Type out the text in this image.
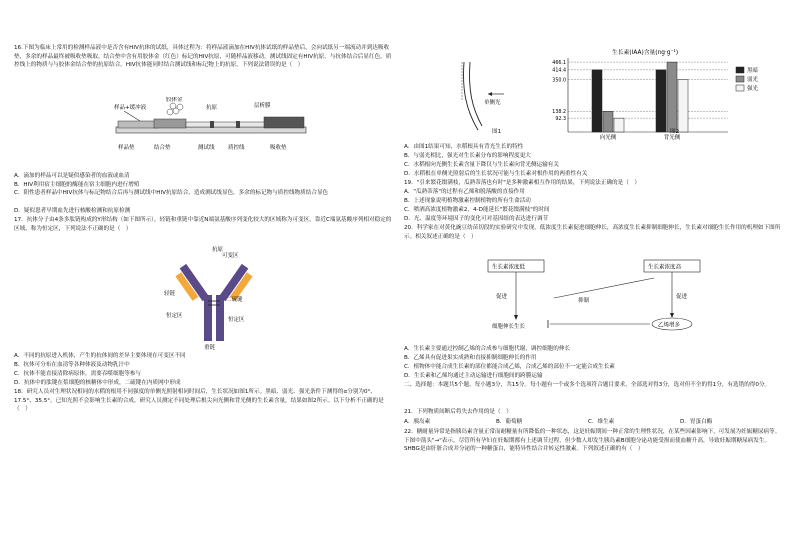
16.下图为临床上常用的检测样品液中是否含有HIV抗体的试纸，具体过程为：将样品液滴加在HIV抗体试纸的样品垫后，会向试纸另一端流动并到达吸收垫，多余的样品最终被吸收垫吸取。结合垫中含有用胶体金（红色）标记的HIV抗原，可随样品液移动。测试线固定有HIV抗原，与抗体结合后显红色，质控线上的物质与与胶体金结合垫的抗原结合。HIV抗体能同时结合测试线和标记物上的抗原。下列说法错误的是（　）
样品+缓冲液
胶体金
抗原	层析膜
样品垫	结合垫	测试线 质控线	吸收垫
A．滴加的样品可以是疑似感染者的血液或血清
B．HIV利用宿主细胞的酶能在宿主细胞内进行增殖
C．阳性患者样品中HIV抗体与标记物结合后再与测试线中HIV抗原结合，造成测试线显色，多余的标记物与质控线物质结合显色
D．疑似患者早期血先进行核酸检测和抗原检测
17．抗体分子由4条多肽链构成的Y形结构（如下图所示），轻链和重链中靠近N端氨基酸序列变化较大的区域称为可变区，靠近C端氨基酸序列相对稳定的区域，称为恒定区，下列说法不正确的是（　）
抗原
可变区
轻链
二硫键
恒定区
恒定区
重链
A．不同的抗原进入机体，产生的抗体间的差异主要体现在可变区不同
B．抗体可分布在血清等各种体液及动物乳汁中
C．抗体不能直接清除病原体，需要吞噬细胞等参与
D．抗体中的肽键在浆细胞的核糖体中形成，二硫键在内质网中形成
18．研究人员对生理状况相同的水稻的根用不同强度的单侧光照射相同时间后，生长状况如图1所示。黑暗、弱光、强光条件下测得的α分别为0°、17.5°、35.5°。已知光照不会影响生长素的合成，研究人员测定不同处理后根尖向光侧和背光侧的生长素含量，结果如图2所示。以下分析不正确的是（　）
单侧光
图1
生长素(IAA)含量(ng·g⁻¹)
92.3
138.2
350.0
414.4
466.1
向光侧	背光侧
黑暗
弱光
强光
图2
A．由图1结果可知，水稻根具有背光生长的特性
B．与弱光相比，强光对生长素分布的影响程度更大
C．水稻根向光侧生长素含量下降仅与生长素向背光侧运输有关
D．水稻根在单侧光照射后的生长状况可能与生长素对根作用的两重性有关
19．"引来繁花缀满枝，瓜熟蒂落也有时"是多种激素相互作用的结果，下列说法正确的是（　）
A．"瓜熟蒂落"的过程有乙烯和脱落酸的直接作用
B．上述现象说明植物激素控制植物的所有生命活动
C．喷洒高浓度植物激素2，4-D能延长"繁花缀满枝"的时间
D．光、温度等环境因子的变化可对基因组的表达进行调节
20．科学家在对黄化豌豆幼苗切段的实验研究中发现，低浓度生长素促进细胞伸长，高浓度生长素抑制细胞伸长，生长素对细胞生长作用的机理如下图所示。相关叙述正确的是（　）
生长素浓度低	生长素浓度高
促进
抑制
促进
细胞伸长生长	乙烯增多
A．生长素主要通过控制乙烯的合成参与细胞代谢，调控细胞的伸长
B．乙烯具有促进果实成熟和直接抑制细胞伸长的作用
C．植物体中能合成生长素的部位都能合成乙烯，合成乙烯的部位不一定能合成生长素
D．生长素和乙烯均通过主动运输进行细胞间的跨膜运输
二、选择题：本题共5个题，每小题3分，共15分。每小题有一个或多个选项符合题目要求，全部选对得3分，选对但不全的得1分，有选错的得0分。
21．下列物质间断后将失去作用的是（　）
A．胰岛素	B．葡萄糖	C．维生素	D．胃蛋白酶
22．糖耐量异常是指胰岛素含量正常而耐糖量有所降低的一种状态，这是妊娠期间一种正常的生理性状况，在某些因素影响下，可发展为妊娠糖尿病等。下图中箭头"→"表示，尽管所有孕妇在妊娠期都有上述调节过程，但少数人却发生胰岛素B细胞分泌功能受损而使血糖升高，导致妊娠期糖尿病发生。SHBG是由肝脏合成并分泌的一种糖蛋白，能特异性结合并转运性激素。下列叙述正确的有（　）
